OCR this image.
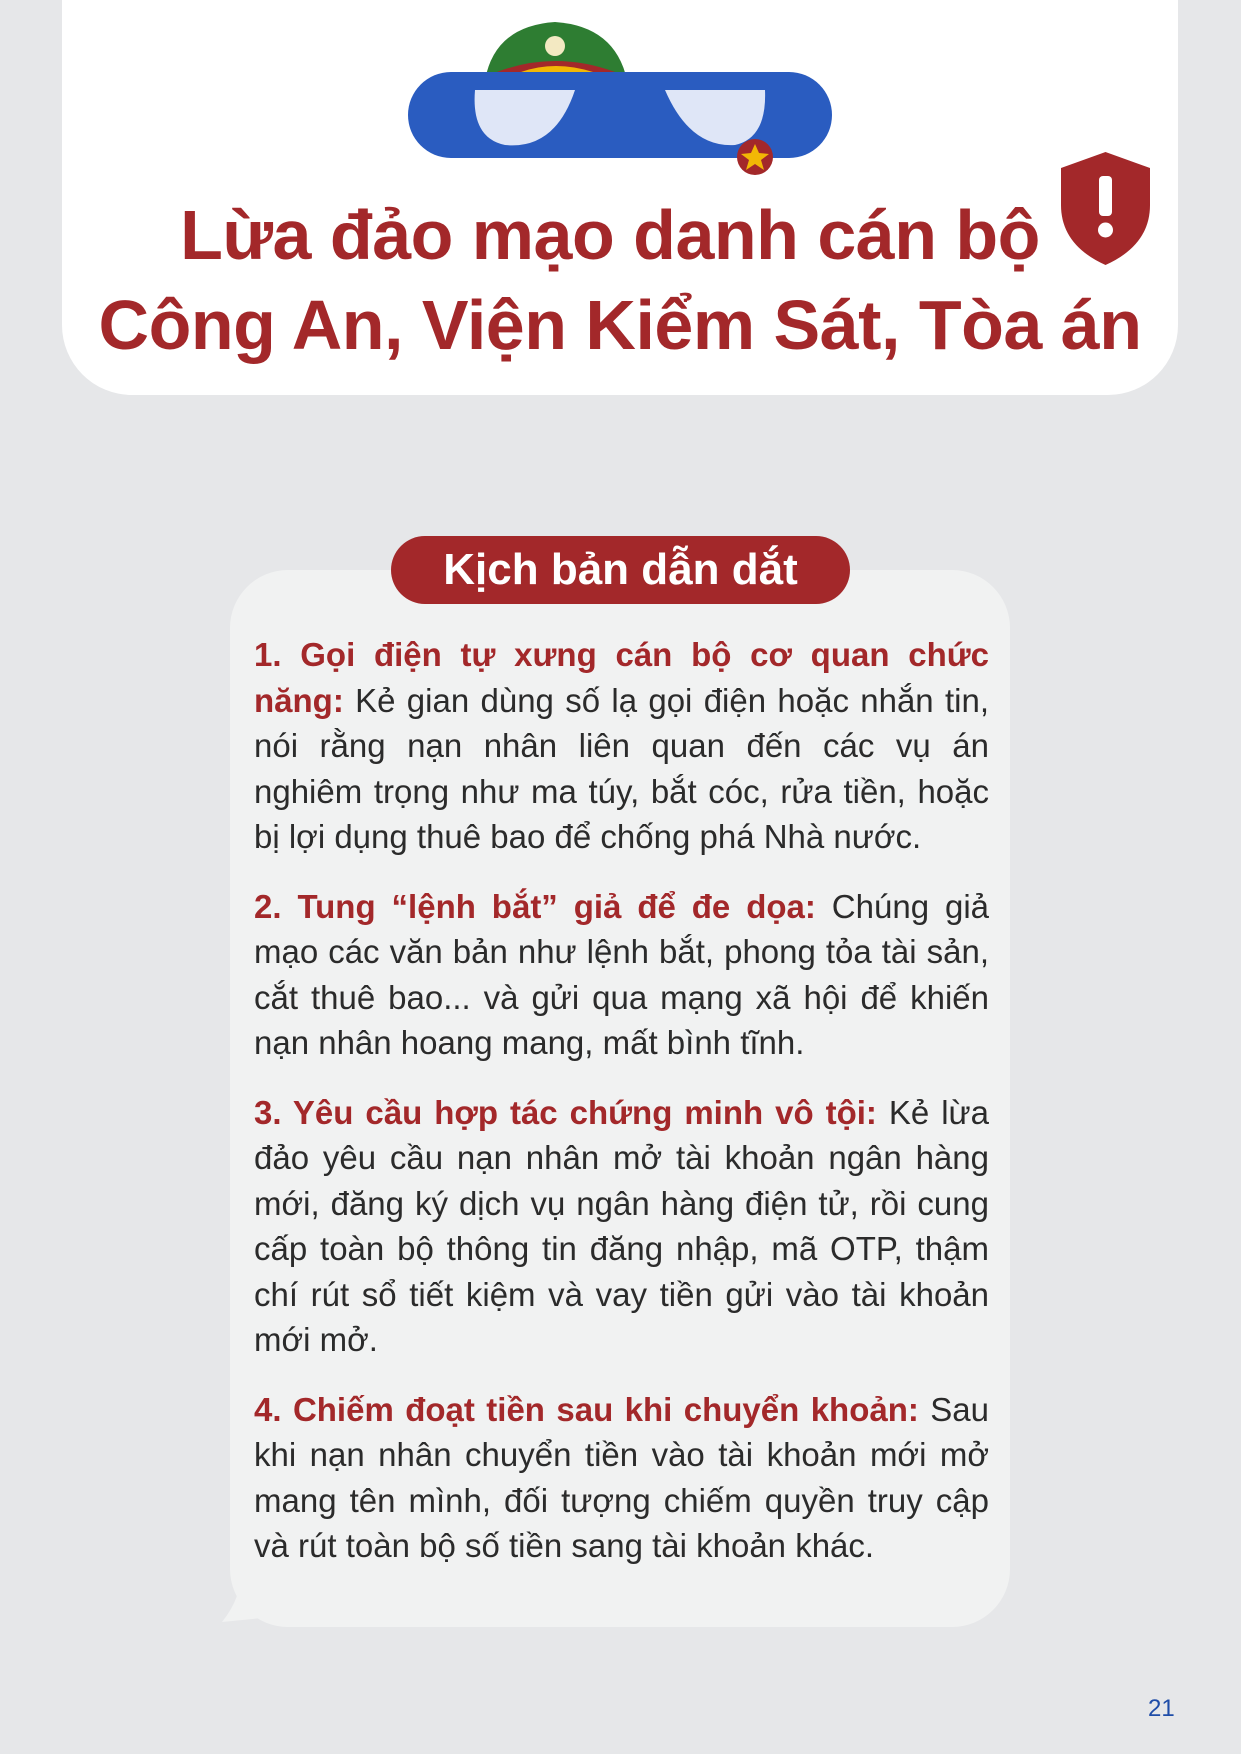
Lừa đảo mạo danh cán bộ
Công An, Viện Kiểm Sát, Tòa án
Kịch bản dẫn dắt

1. Gọi điện tự xưng cán bộ cơ quan chức năng: Kẻ gian dùng số lạ gọi điện hoặc nhắn tin, nói rằng nạn nhân liên quan đến các vụ án nghiêm trọng như ma túy, bắt cóc, rửa tiền, hoặc bị lợi dụng thuê bao để chống phá Nhà nước.

2. Tung “lệnh bắt” giả để đe dọa: Chúng giả mạo các văn bản như lệnh bắt, phong tỏa tài sản, cắt thuê bao... và gửi qua mạng xã hội để khiến nạn nhân hoang mang, mất bình tĩnh.

3. Yêu cầu hợp tác chứng minh vô tội: Kẻ lừa đảo yêu cầu nạn nhân mở tài khoản ngân hàng mới, đăng ký dịch vụ ngân hàng điện tử, rồi cung cấp toàn bộ thông tin đăng nhập, mã OTP, thậm chí rút sổ tiết kiệm và vay tiền gửi vào tài khoản mới mở.

4. Chiếm đoạt tiền sau khi chuyển khoản: Sau khi nạn nhân chuyển tiền vào tài khoản mới mở mang tên mình, đối tượng chiếm quyền truy cập và rút toàn bộ số tiền sang tài khoản khác.

21
